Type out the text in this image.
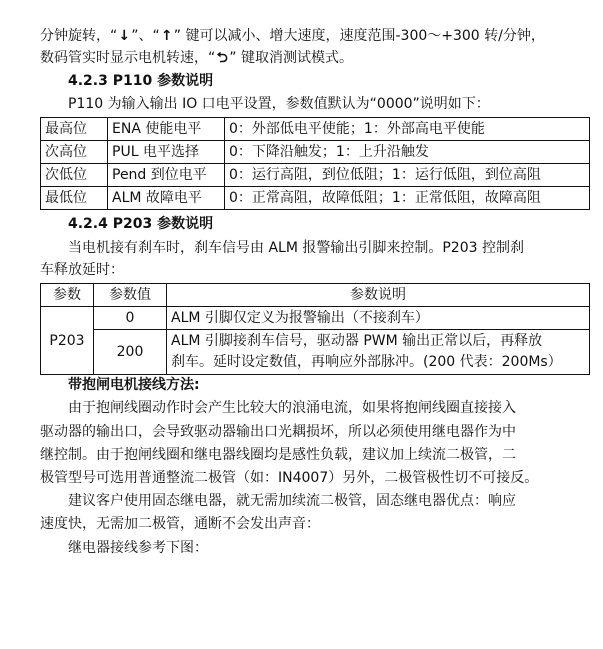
分钟旋转，“↓”、“↑” 键可以减小、增大速度，速度范围-300～+300 转/分钟，
数码管实时显示电机转速，“⮌” 键取消测试模式。
4.2.3 P110 参数说明
P110 为输入输出 IO 口电平设置，参数值默认为“0000”说明如下：
最高位	ENA 使能电平	0：外部低电平使能；1：外部高电平使能
次高位	PUL 电平选择	0：下降沿触发；1：上升沿触发
次低位	Pend 到位电平	0：运行高阻，到位低阻；1：运行低阻，到位高阻
最低位	ALM 故障电平	0：正常高阻，故障低阻；1：正常低阻，故障高阻
4.2.4 P203 参数说明
当电机接有刹车时，刹车信号由 ALM 报警输出引脚来控制。P203 控制刹
车释放延时：
参数	参数值	参数说明
P203	0	ALM 引脚仅定义为报警输出（不接刹车）
	200	ALM 引脚接刹车信号，驱动器 PWM 输出正常以后，再释放
刹车。延时设定数值，再响应外部脉冲。(200 代表：200Ms）
带抱闸电机接线方法:
由于抱闸线圈动作时会产生比较大的浪涌电流，如果将抱闸线圈直接接入
驱动器的输出口，会导致驱动器输出口光耦损坏，所以必须使用继电器作为中
继控制。由于抱闸线圈和继电器线圈均是感性负载，建议加上续流二极管，二
极管型号可选用普通整流二极管（如：IN4007）另外，二极管极性切不可接反。
建议客户使用固态继电器，就无需加续流二极管，固态继电器优点：响应
速度快，无需加二极管，通断不会发出声音：
继电器接线参考下图：
